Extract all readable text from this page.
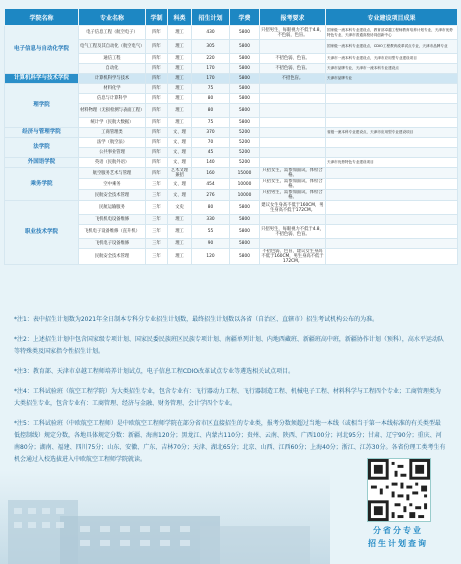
学院名称	专业名称	学制	科类	招生计划	学费	报考要求	专业建设项目成果
电子信息与自动化学院	电子信息工程（航空电子）	四年	理工	430	5800	只招男生，每眼视力不低于4.8，不色弱，色盲。	国家级一流本科专业建设点，教育部卓越工程师教育培养计划专业，天津市优势特色专业，天津市普通高校协同创新中心
	电气工程及其自动化（航空电气）	四年	理工	305	5800		国家级一流本科专业建设点，CDIO工程教育改革试点专业，天津市品牌专业
	通信工程	四年	理工	220	5800	不招色弱、色盲。	天津市一流本科专业建设点，天津市应用型专业建设项目
	自动化	四年	理工	170	5800	不招色弱、色盲。	天津市品牌专业，天津市一流本科专业建设点
计算机科学与技术学院	计算机科学与技术	四年	理工	170	5800	不招色盲。	天津市品牌专业
理学院	材料化学	四年	理工	75	5800		
	信息与计算科学	四年	理工	80	5800		
	材料物理（无损检测与表面工程）	四年	理工	80	5800		
	统计学（民航大数据）	四年	理工	75	5800		
经济与管理学院	工商管理类	四年	文、理	370	5200		省级一流本科专业建设点，天津市应用型专业建设项目
法学院	法学（航空法）	四年	文、理	70	5200		
	公共事业管理	四年	文、理	45	5200		
外国语学院	英语（民航外语）	四年	文、理	140	5200		天津市优势特色专业建设项目
乘务学院	航空服务艺术与管理	四年	艺术文理兼招	160	15000	只招女生，需参加面试，体检合格。	
	空中乘务	三年	文、理	454	10000	只招女生，需参加面试，体检合格。	
	民航安全技术管理	三年	文、理	276	10000	只招男生，需参加面试，体检合格。	
职业技术学院	民航运输服务	三年	文史	80	5800	建议女生身高不低于160CM，男生身高不低于172CM。	
	飞机机电设备维修	三年	理工	330	5800		
	飞机电子设备维修（直升机）	三年	理工	55	5800	只招男生，每眼视力不低于4.8，不招色弱、色盲。	
	飞机电子设备维修	三年	理工	90	5800		
	民航安全技术管理	三年	理工	120	5800	不招色弱、色盲，建议女生身高不低于160CM，男生身高不低于172CM。	

*注1：表中招生计划数为2021年全日制本专科分专业招生计划数，最终招生计划数以各省（自治区、直辖市）招生考试机构公布的为准。

*注2：上述招生计划中包含国家级专项计划、国家民委民族班区民族专项计划、南疆单列计划、内地西藏班、新疆班高中班，新疆协作计划（预科），高水平运动队等特殊类及国家指令性招生计划。

*注3：教育部、天津市卓越工程师培养计划试点，电子信息工程CDIO改革试点专业等遴选相关试点项目。

*注4：工科试验班（航空工程学院）为大类招生专业，包含专业有：飞行器动力工程、飞行器制造工程、机械电子工程、材料科学与工程四个专业；工商管理类为大类招生专业，包含专业有：工商管理、经济与金融、财务管理、会计学四个专业。

*注5：工科试验班（中欧航空工程师）是中欧航空工程师学院在部分省市区直接招生的专业类，报考分数须超过当地一本线（或相当于第一本线标准的有关类型最低控制线）规定分数，各地具体规定分数：新疆、海南120分；黑龙江、内蒙古110分；贵州、云南、陕西、广西100分；河北95分；甘肃、辽宁90分；重庆、河南80分；湖南、福建、四川75分；山东、安徽、广东、吉林70分；天津、湖北65分；北京、山西、江西60分；上海40分；浙江、江苏30分。各省份理工类考生有机会通过入校选拔进入中欧航空工程师学院就读。

分省分专业
招生计划查询
